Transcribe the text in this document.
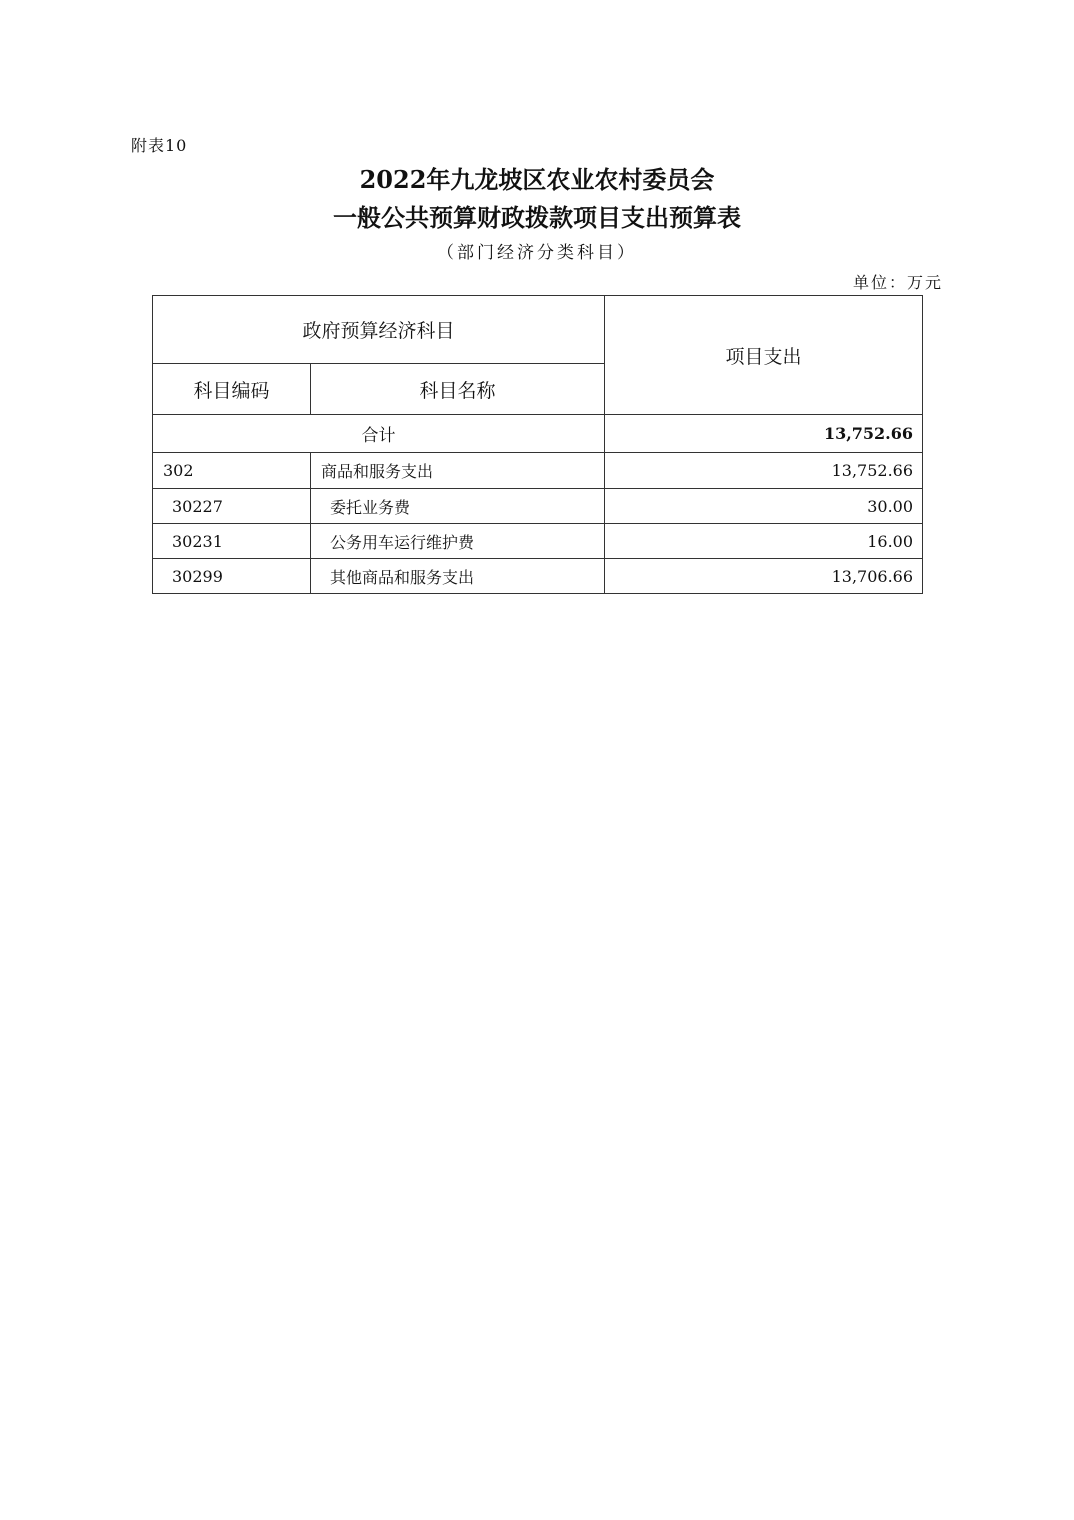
附表10
2022年九龙坡区农业农村委员会
一般公共预算财政拨款项目支出预算表
（部门经济分类科目）
单位：万元
政府预算经济科目		项目支出
科目编码	科目名称	
合计		13,752.66
302	商品和服务支出	13,752.66
30227	委托业务费	30.00
30231	公务用车运行维护费	16.00
30299	其他商品和服务支出	13,706.66
